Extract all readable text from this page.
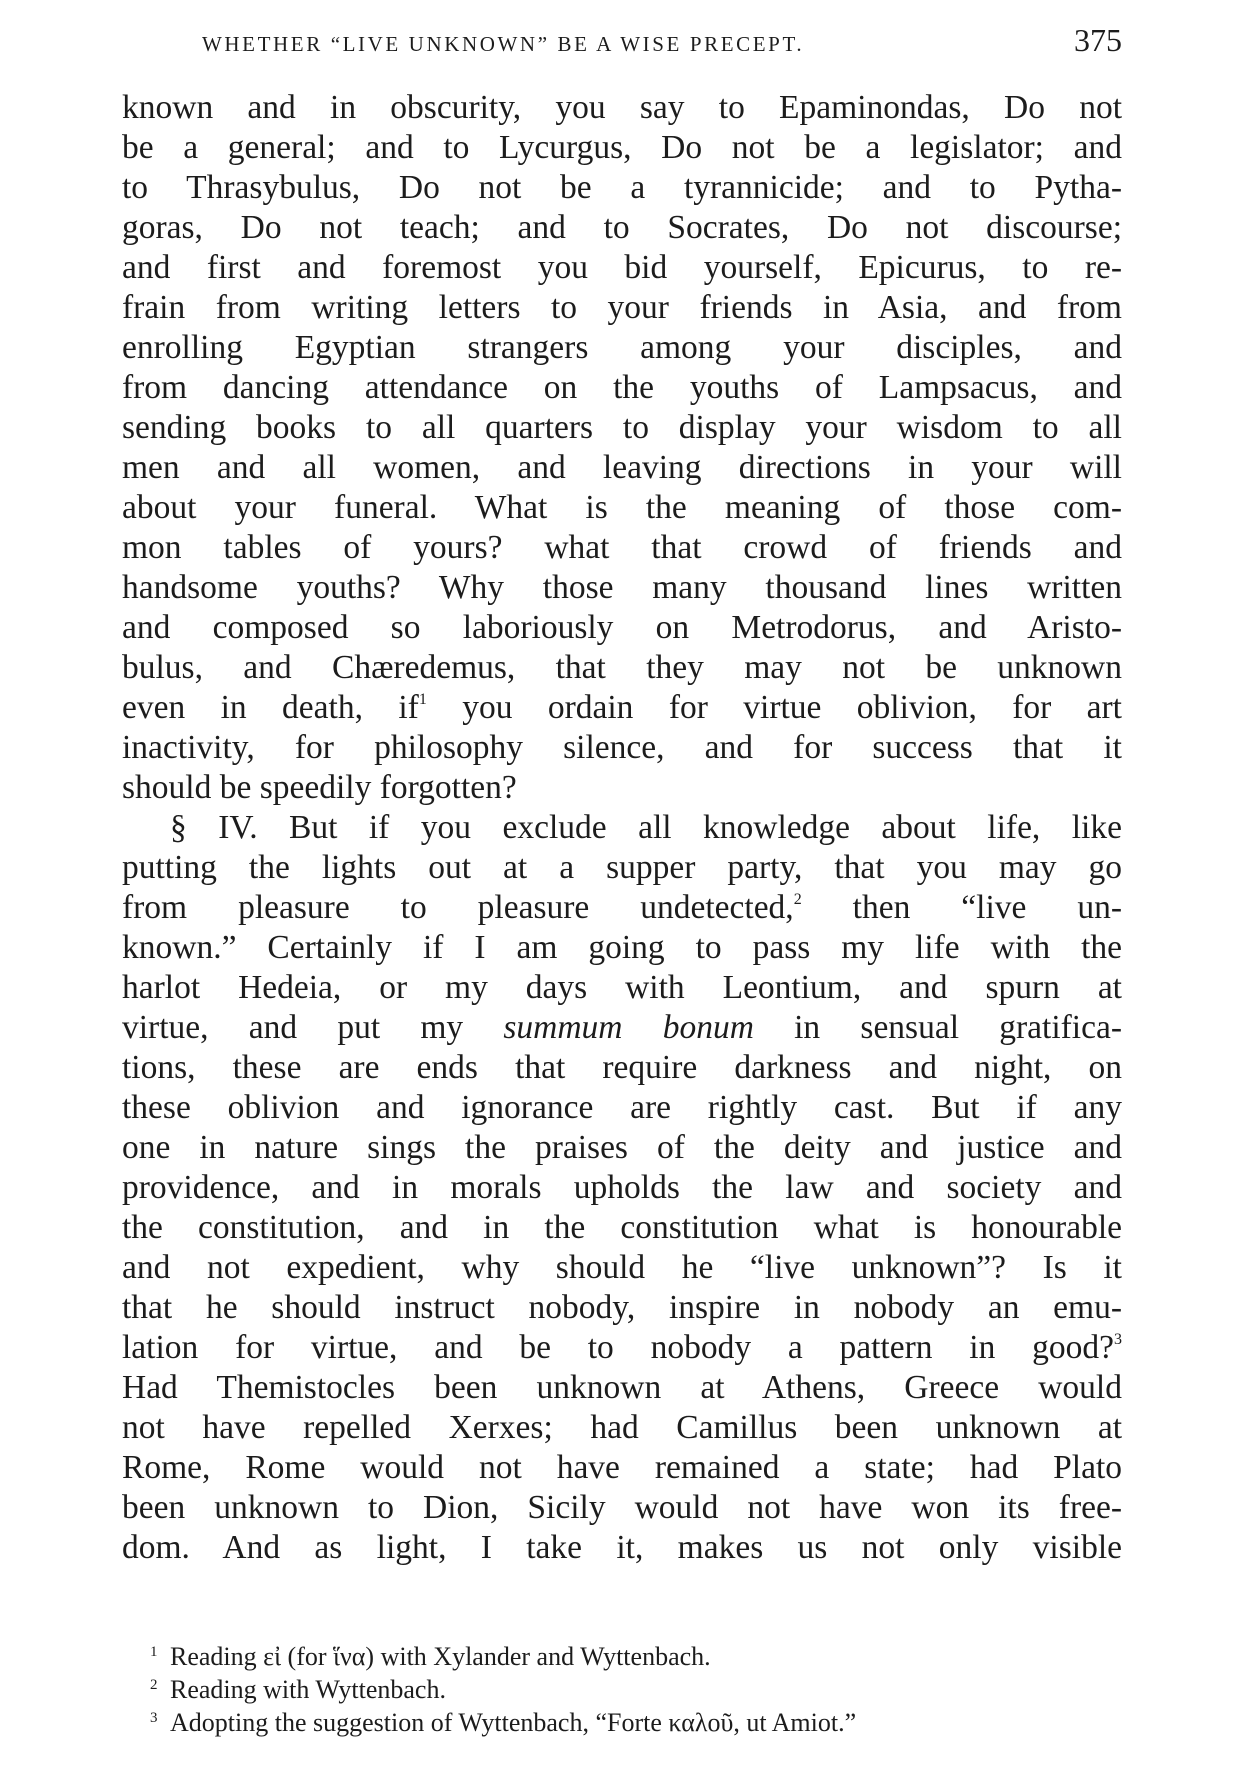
WHETHER “LIVE UNKNOWN” BE A WISE PRECEPT.	375
known and in obscurity, you say to Epaminondas, Do not
be a general; and to Lycurgus, Do not be a legislator; and
to Thrasybulus, Do not be a tyrannicide; and to Pytha-
goras, Do not teach; and to Socrates, Do not discourse;
and first and foremost you bid yourself, Epicurus, to re-
frain from writing letters to your friends in Asia, and from
enrolling Egyptian strangers among your disciples, and
from dancing attendance on the youths of Lampsacus, and
sending books to all quarters to display your wisdom to all
men and all women, and leaving directions in your will
about your funeral. What is the meaning of those com-
mon tables of yours? what that crowd of friends and
handsome youths? Why those many thousand lines written
and composed so laboriously on Metrodorus, and Aristo-
bulus, and Chæredemus, that they may not be unknown
even in death, $if^1$ you ordain for virtue oblivion, for art
inactivity, for philosophy silence, and for success that it
should be speedily forgotten?
§ IV. But if you exclude all knowledge about life, like
putting the lights out at a supper party, that you may go
from pleasure to pleasure undetected,$^2$ then “live un-
known.” Certainly if I am going to pass my life with the
harlot Hedeia, or my days with Leontium, and spurn at
virtue, and put my summum bonum in sensual gratifica-
tions, these are ends that require darkness and night, on
these oblivion and ignorance are rightly cast. But if any
one in nature sings the praises of the deity and justice and
providence, and in morals upholds the law and society and
the constitution, and in the constitution what is honourable
and not expedient, why should he “live unknown”? Is it
that he should instruct nobody, inspire in nobody an emu-
lation for virtue, and be to nobody a pattern in good?$^3$
Had Themistocles been unknown at Athens, Greece would
not have repelled Xerxes; had Camillus been unknown at
Rome, Rome would not have remained a state; had Plato
been unknown to Dion, Sicily would not have won its free-
dom. And as light, I take it, makes us not only visible
1 Reading εἰ (for ἵνα) with Xylander and Wyttenbach.
2 Reading with Wyttenbach.
3 Adopting the suggestion of Wyttenbach, “Forte καλοῦ, ut Amiot.”
